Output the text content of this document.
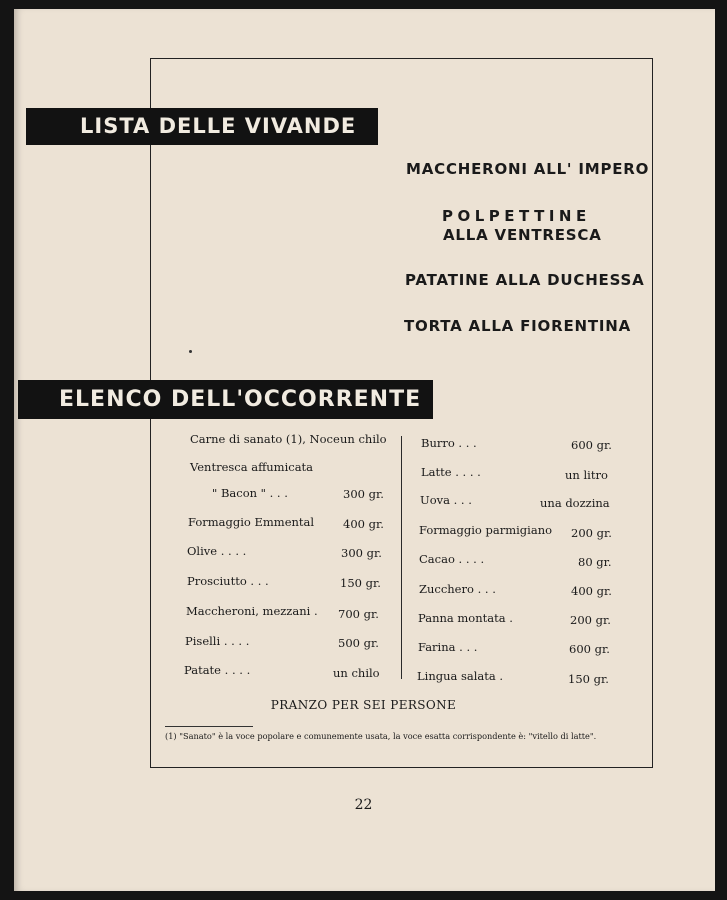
LISTA DELLE VIVANDE
MACCHERONI ALL' IMPERO
POLPETTINE
ALLA VENTRESCA
PATATINE ALLA DUCHESSA
TORTA ALLA FIORENTINA
ELENCO DELL'OCCORRENTE
Carne di sanato (1), Noce un chilo
Ventresca affumicata
" Bacon " . . .	300 gr.
Formaggio Emmental	400 gr.
Olive . . . .	300 gr.
Prosciutto . . .	150 gr.
Maccheroni, mezzani . 700 gr.
Piselli . . . .	500 gr.
Patate . . . .	un chilo
Burro . . .	600 gr.
Latte . . . .	un litro
Uova . . .	una dozzina
Formaggio parmigiano 200 gr.
Cacao . . . .	80 gr.
Zucchero . . .	400 gr.
Panna montata .	200 gr.
Farina . . .	600 gr.
Lingua salata .	150 gr.
PRANZO PER SEI PERSONE
(1) "Sanato" è la voce popolare e comunemente usata, la voce esatta corrispondente è: "vitello di latte".
22
